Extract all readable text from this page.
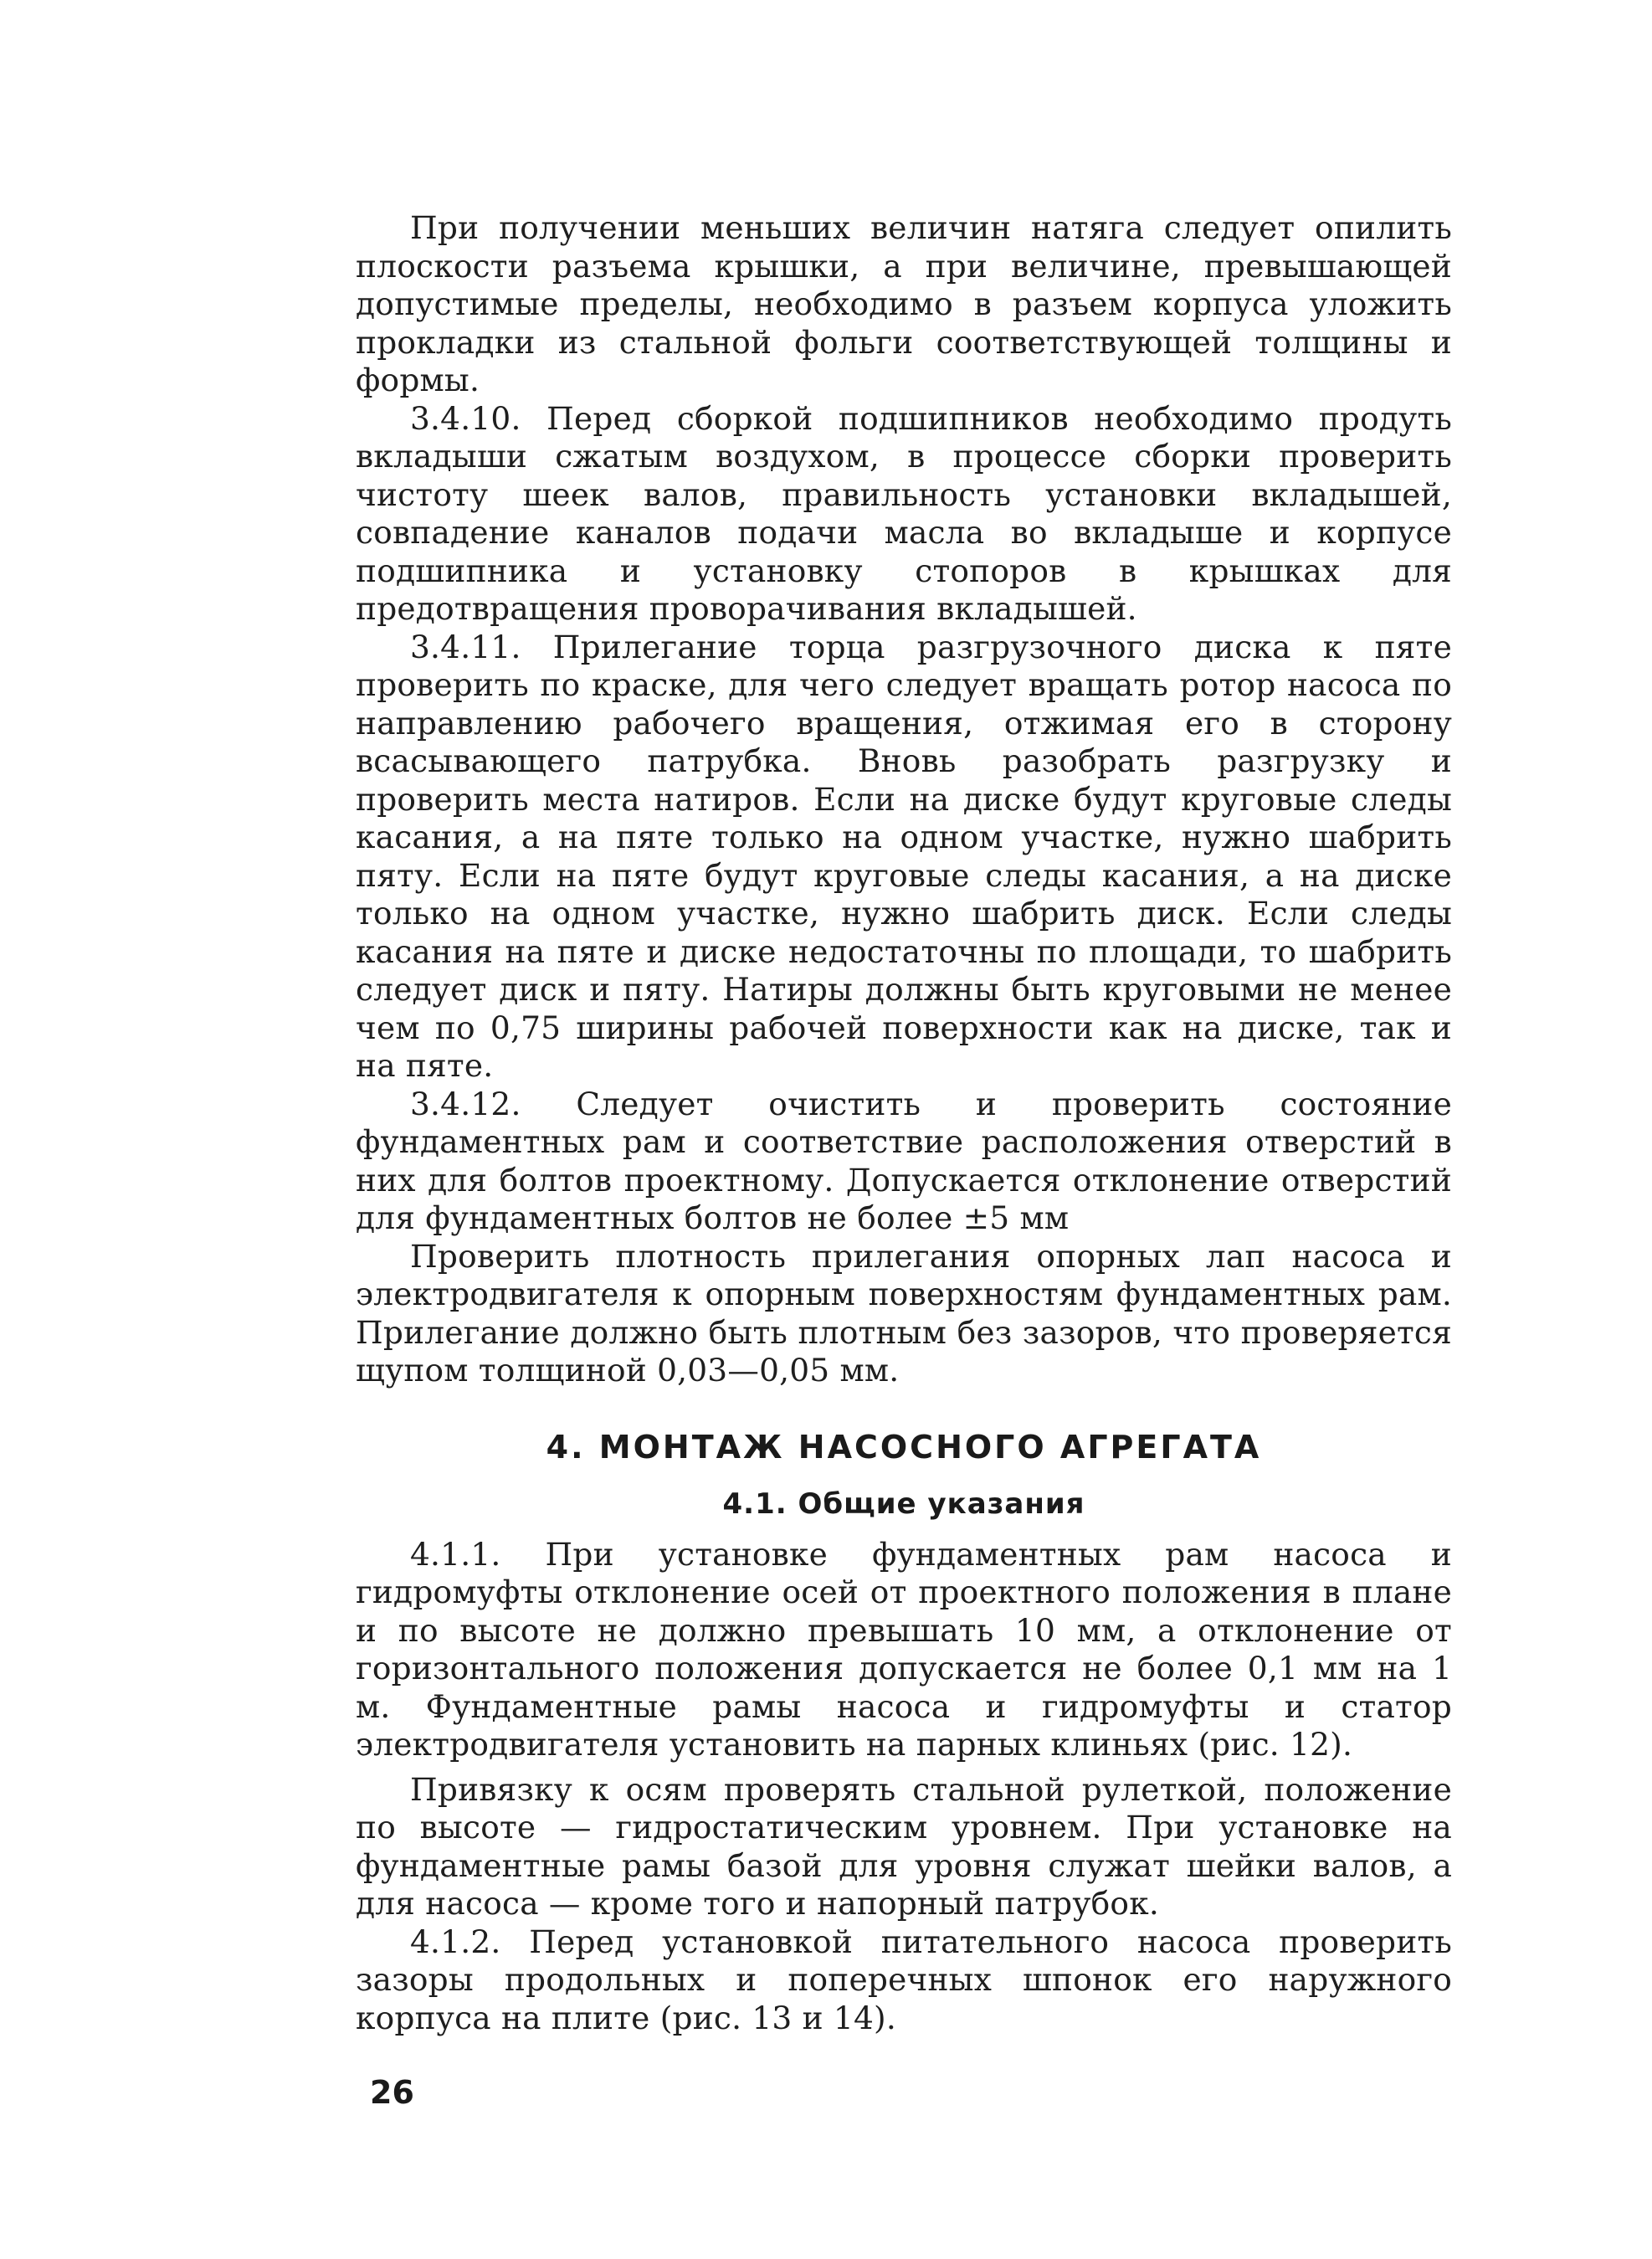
При получении меньших величин натяга следует опилить плоскости разъема крышки, а при величине, превышающей допустимые пределы, необходимо в разъем корпуса уложить прокладки из стальной фольги соответствующей толщины и формы.

3.4.10. Перед сборкой подшипников необходимо продуть вкладыши сжатым воздухом, в процессе сборки проверить чистоту шеек валов, правильность установки вкладышей, совпадение каналов подачи масла во вкладыше и корпусе подшипника и установку стопоров в крышках для предотвращения проворачивания вкладышей.

3.4.11. Прилегание торца разгрузочного диска к пяте проверить по краске, для чего следует вращать ротор насоса по направлению рабочего вращения, отжимая его в сторону всасывающего патрубка. Вновь разобрать разгрузку и проверить места натиров. Если на диске будут круговые следы касания, а на пяте только на одном участке, нужно шабрить пяту. Если на пяте будут круговые следы касания, а на диске только на одном участке, нужно шабрить диск. Если следы касания на пяте и диске недостаточны по площади, то шабрить следует диск и пяту. Натиры должны быть круговыми не менее чем по 0,75 ширины рабочей поверхности как на диске, так и на пяте.

3.4.12. Следует очистить и проверить состояние фундаментных рам и соответствие расположения отверстий в них для болтов проектному. Допускается отклонение отверстий для фундаментных болтов не более ±5 мм

Проверить плотность прилегания опорных лап насоса и электродвигателя к опорным поверхностям фундаментных рам. Прилегание должно быть плотным без зазоров, что проверяется щупом толщиной 0,03—0,05 мм.

4. МОНТАЖ НАСОСНОГО АГРЕГАТА
4.1. Общие указания

4.1.1. При установке фундаментных рам насоса и гидромуфты отклонение осей от проектного положения в плане и по высоте не должно превышать 10 мм, а отклонение от горизонтального положения допускается не более 0,1 мм на 1 м. Фундаментные рамы насоса и гидромуфты и статор электродвигателя установить на парных клиньях (рис. 12).

Привязку к осям проверять стальной рулеткой, положение по высоте — гидростатическим уровнем. При установке на фундаментные рамы базой для уровня служат шейки валов, а для насоса — кроме того и напорный патрубок.

4.1.2. Перед установкой питательного насоса проверить зазоры продольных и поперечных шпонок его наружного корпуса на плите (рис. 13 и 14).

26
